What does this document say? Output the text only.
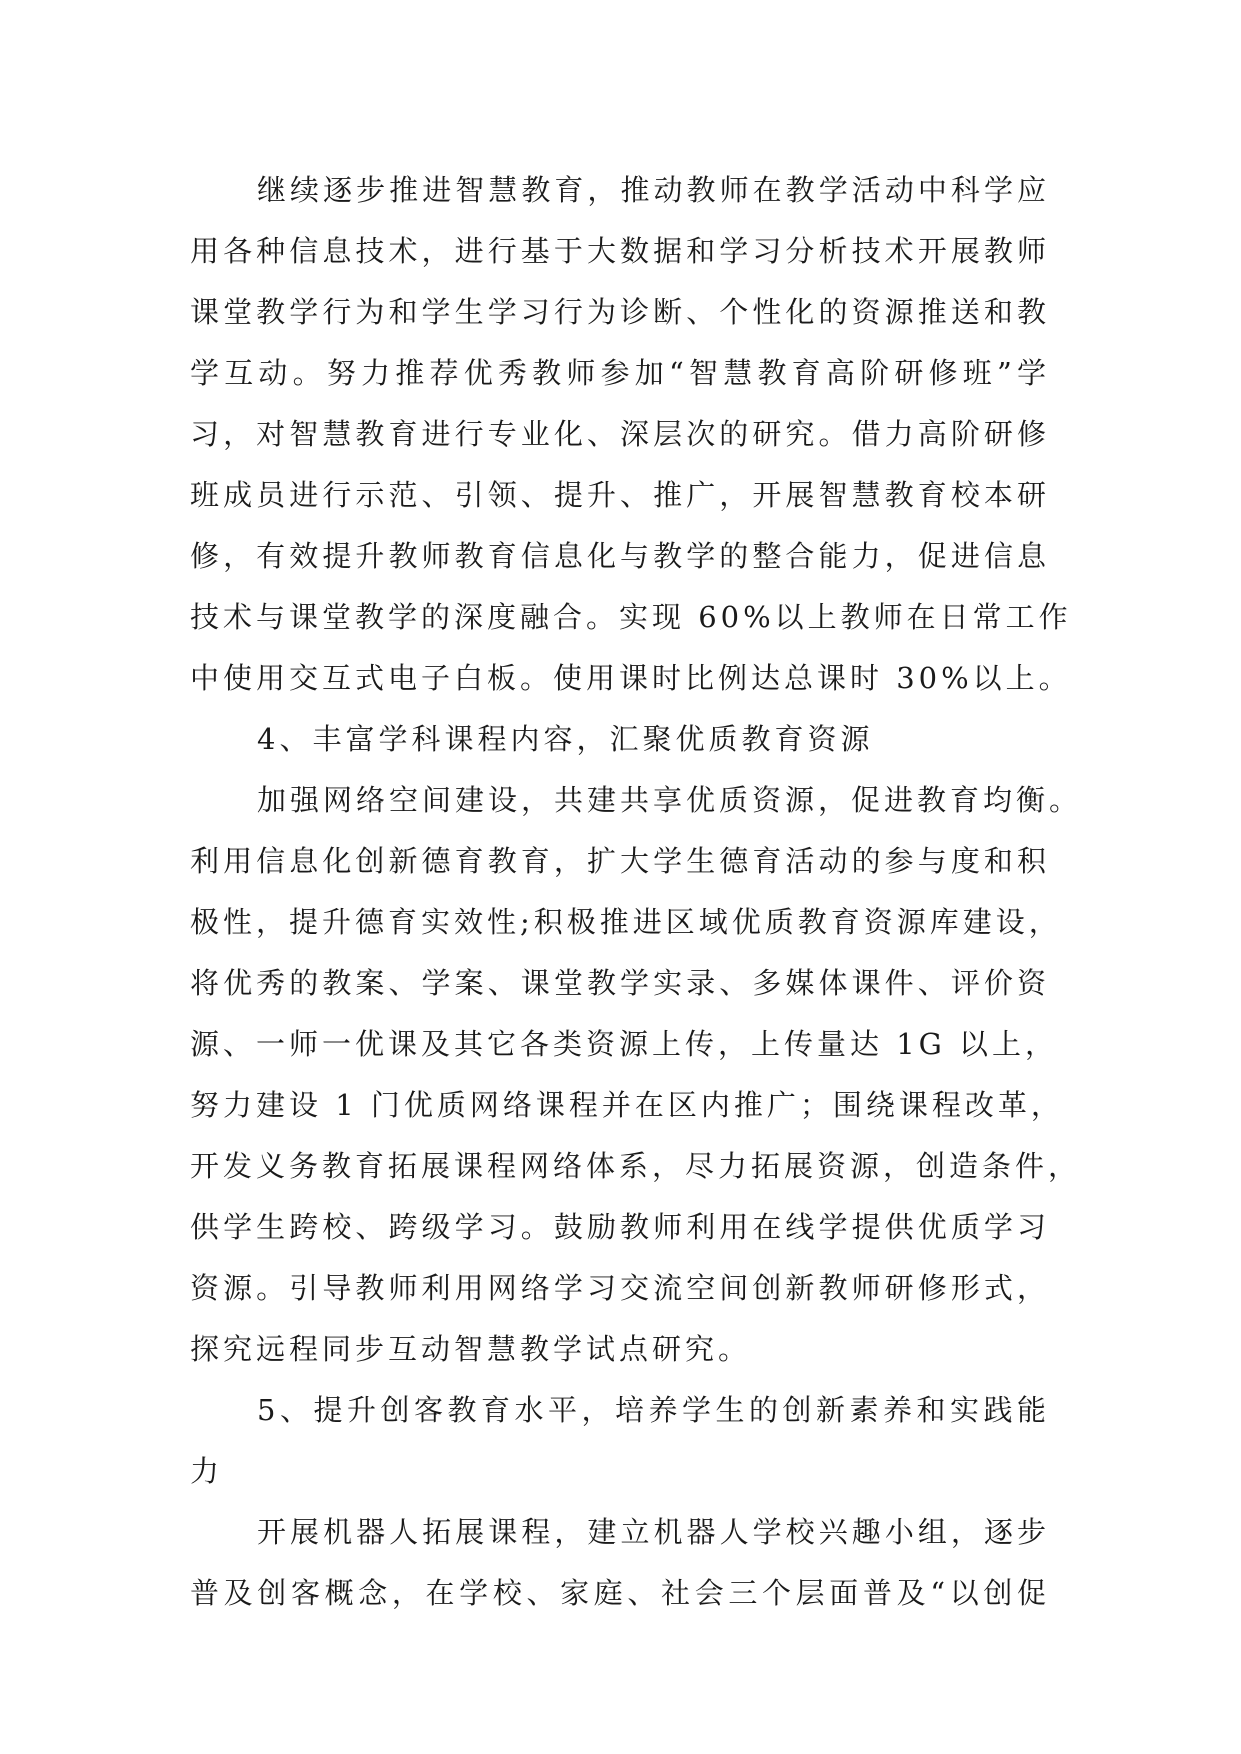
继续逐步推进智慧教育，推动教师在教学活动中科学应
用各种信息技术，进行基于大数据和学习分析技术开展教师
课堂教学行为和学生学习行为诊断、个性化的资源推送和教
学互动。努力推荐优秀教师参加“智慧教育高阶研修班”学
习，对智慧教育进行专业化、深层次的研究。借力高阶研修
班成员进行示范、引领、提升、推广，开展智慧教育校本研
修，有效提升教师教育信息化与教学的整合能力，促进信息
技术与课堂教学的深度融合。实现 60%以上教师在日常工作
中使用交互式电子白板。使用课时比例达总课时 30%以上。
4、丰富学科课程内容，汇聚优质教育资源
加强网络空间建设，共建共享优质资源，促进教育均衡。
利用信息化创新德育教育，扩大学生德育活动的参与度和积
极性，提升德育实效性;积极推进区域优质教育资源库建设，
将优秀的教案、学案、课堂教学实录、多媒体课件、评价资
源、一师一优课及其它各类资源上传，上传量达 1G 以上，
努力建设 1 门优质网络课程并在区内推广；围绕课程改革，
开发义务教育拓展课程网络体系，尽力拓展资源，创造条件，
供学生跨校、跨级学习。鼓励教师利用在线学提供优质学习
资源。引导教师利用网络学习交流空间创新教师研修形式，
探究远程同步互动智慧教学试点研究。
5、提升创客教育水平，培养学生的创新素养和实践能
力
开展机器人拓展课程，建立机器人学校兴趣小组，逐步
普及创客概念，在学校、家庭、社会三个层面普及“以创促
